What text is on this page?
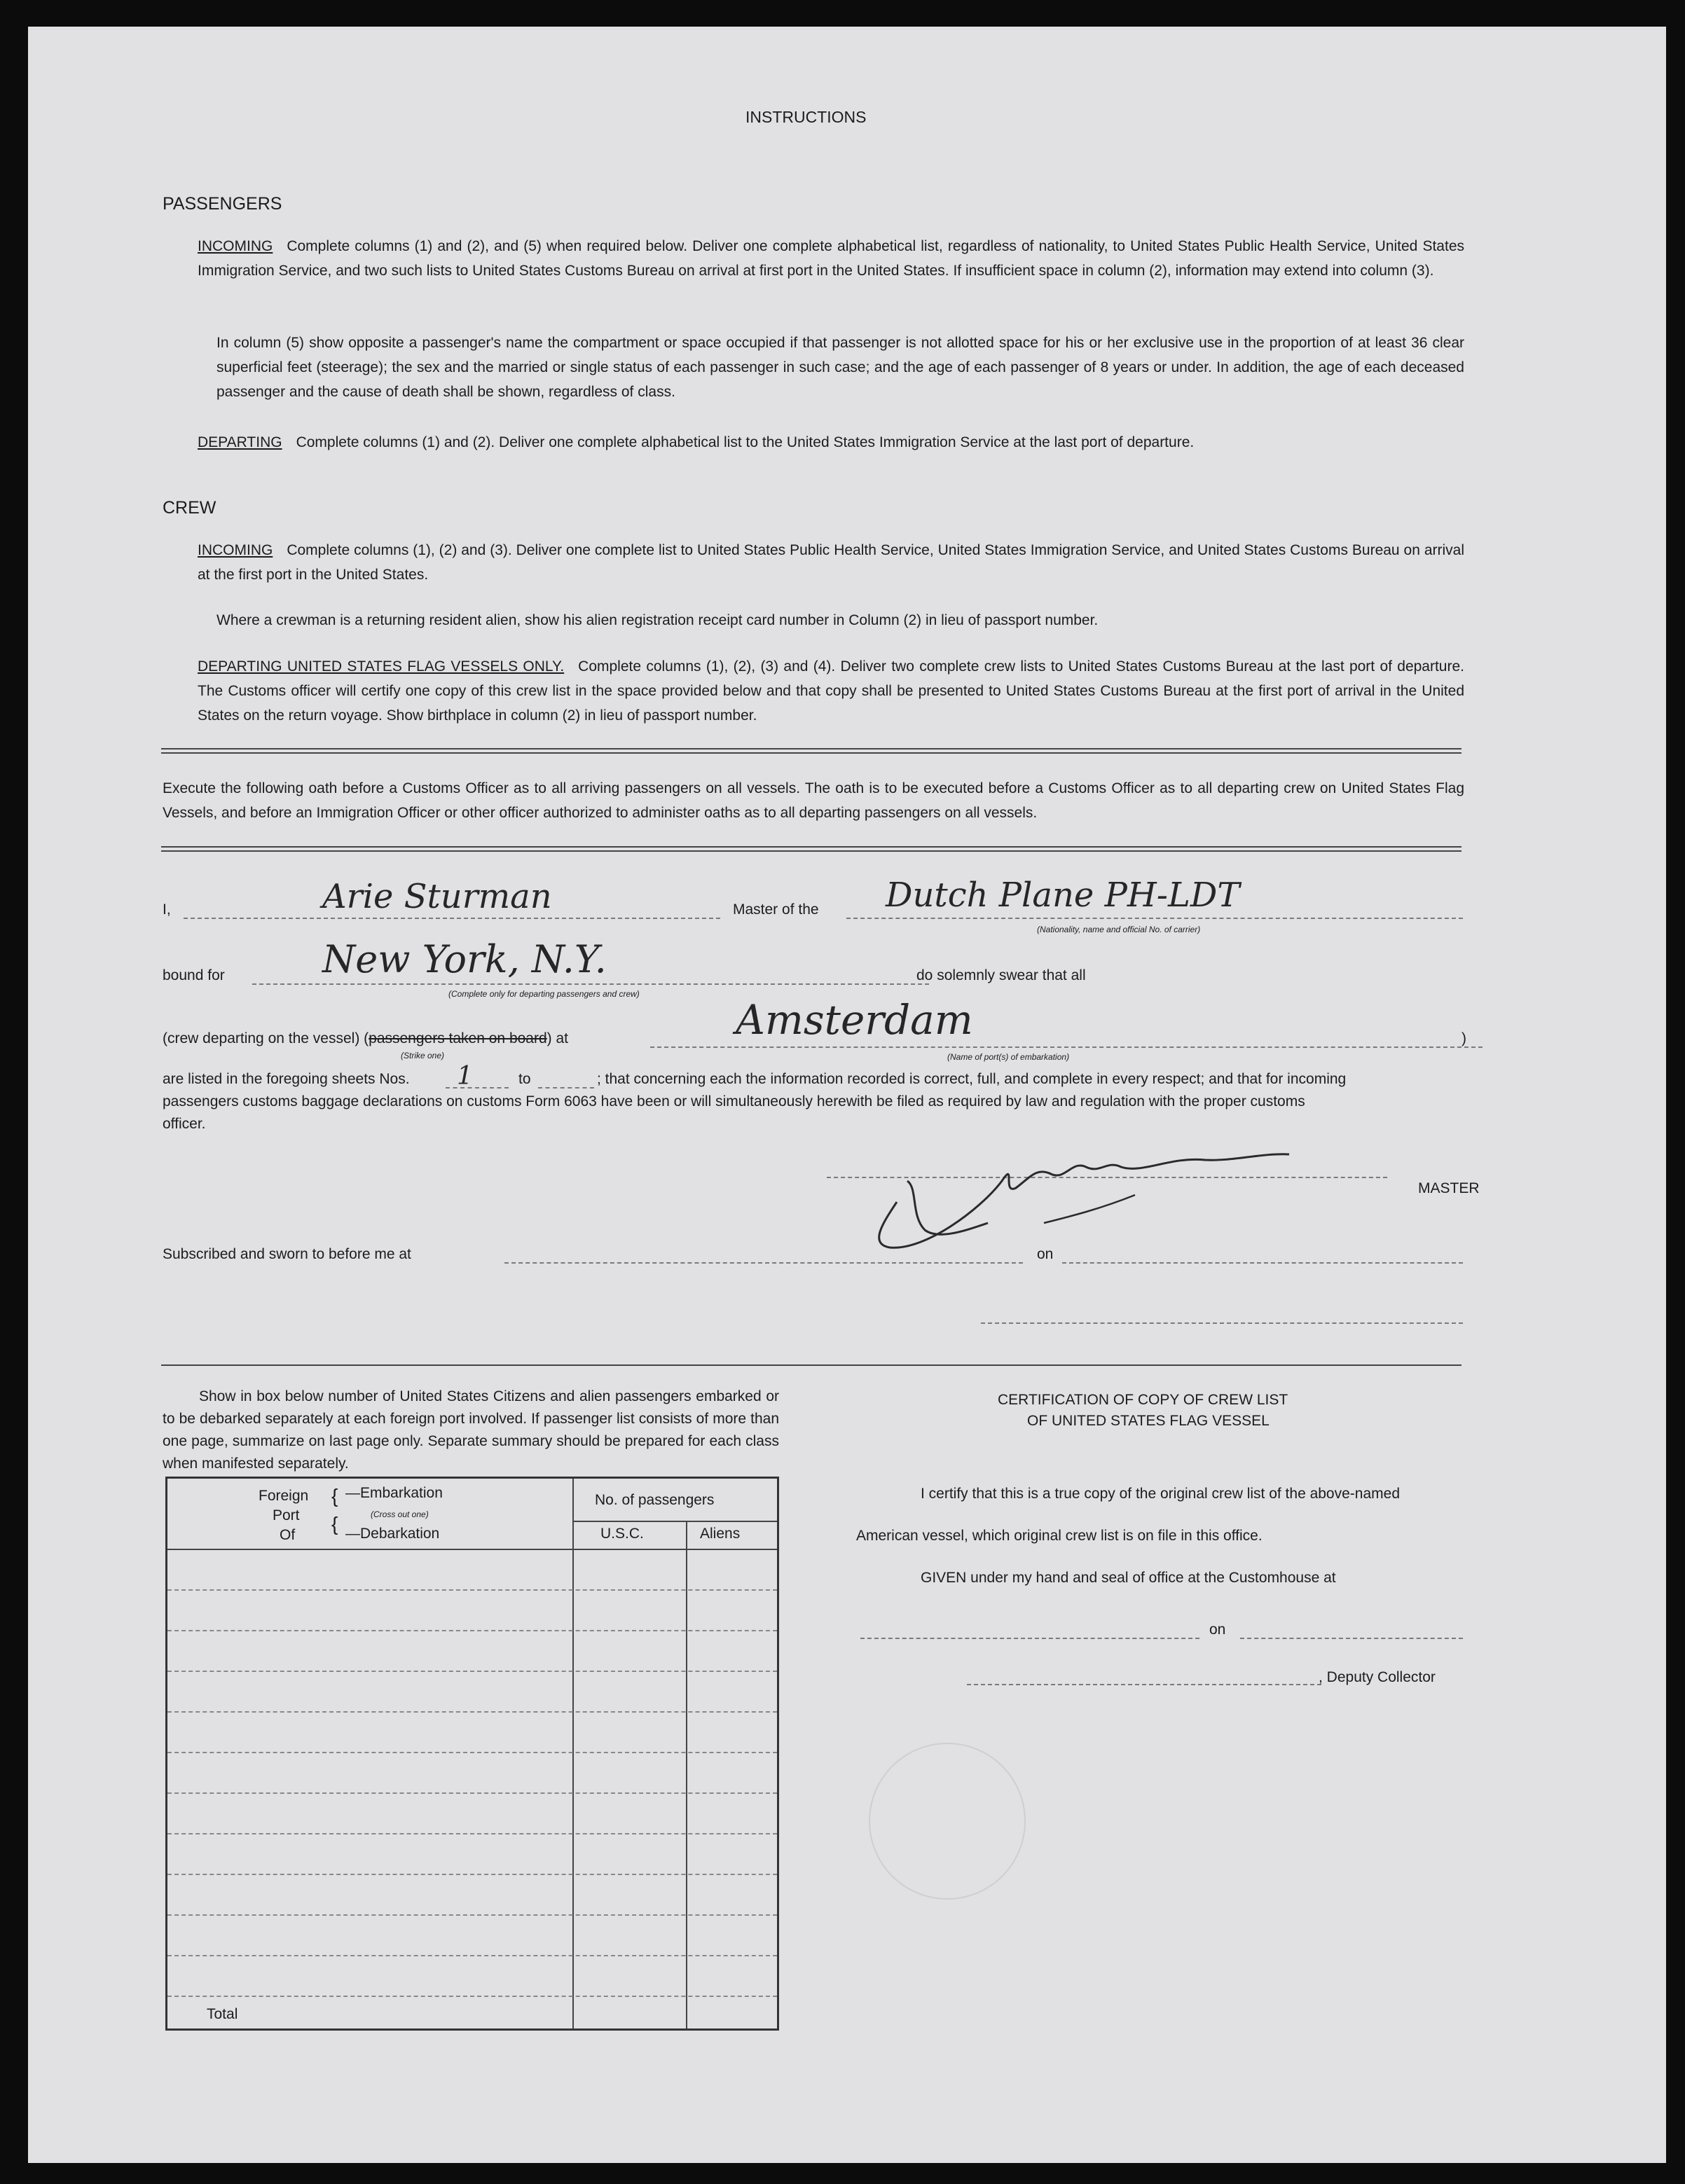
INSTRUCTIONS
PASSENGERS
INCOMING Complete columns (1) and (2), and (5) when required below. Deliver one complete alphabetical list, regardless of nationality, to United States Public Health Service, United States Immigration Service, and two such lists to United States Customs Bureau on arrival at first port in the United States. If insufficient space in column (2), information may extend into column (3).
In column (5) show opposite a passenger's name the compartment or space occupied if that passenger is not allotted space for his or her exclusive use in the proportion of at least 36 clear superficial feet (steerage); the sex and the married or single status of each passenger in such case; and the age of each passenger of 8 years or under. In addition, the age of each deceased passenger and the cause of death shall be shown, regardless of class.
DEPARTING Complete columns (1) and (2). Deliver one complete alphabetical list to the United States Immigration Service at the last port of departure.
CREW
INCOMING Complete columns (1), (2) and (3). Deliver one complete list to United States Public Health Service, United States Immigration Service, and United States Customs Bureau on arrival at the first port in the United States.
Where a crewman is a returning resident alien, show his alien registration receipt card number in Column (2) in lieu of passport number.
DEPARTING UNITED STATES FLAG VESSELS ONLY. Complete columns (1), (2), (3) and (4). Deliver two complete crew lists to United States Customs Bureau at the last port of departure. The Customs officer will certify one copy of this crew list in the space provided below and that copy shall be presented to United States Customs Bureau at the first port of arrival in the United States on the return voyage. Show birthplace in column (2) in lieu of passport number.
Execute the following oath before a Customs Officer as to all arriving passengers on all vessels. The oath is to be executed before a Customs Officer as to all departing crew on United States Flag Vessels, and before an Immigration Officer or other officer authorized to administer oaths as to all departing passengers on all vessels.
I,	Arie Sturman	Master of the Dutch Plane PH-LDT
(Nationality, name and official No. of carrier)
bound for	New York, N.Y.
(Complete only for departing passengers and crew)
do solemnly swear that all
(crew departing on the vessel) (passengers taken on board) at
(Strike one)
Amsterdam
(Name of port(s) of embarkation)
)
are listed in the foregoing sheets Nos. 1	to	; that concerning each the information recorded is correct, full, and complete in every respect; and that for incoming
passengers customs baggage declarations on customs Form 6063 have been or will simultaneously herewith be filed as required by law and regulation with the proper customs
officer.
MASTER
Subscribed and sworn to before me at	on
Show in box below number of United States Citizens and alien passengers embarked or to be debarked separately at each foreign port involved. If passenger list consists of more than one page, summarize on last page only. Separate summary should be prepared for each class when manifested separately.
Foreign
Port
Of
{
{
—Embarkation
(Cross out one)
—Debarkation
No. of passengers
U.S.C.	Aliens
Total
CERTIFICATION OF COPY OF CREW LIST
OF UNITED STATES FLAG VESSEL
I certify that this is a true copy of the original crew list of the above-named
American vessel, which original crew list is on file in this office.
GIVEN under my hand and seal of office at the Customhouse at
on
, Deputy Collector
